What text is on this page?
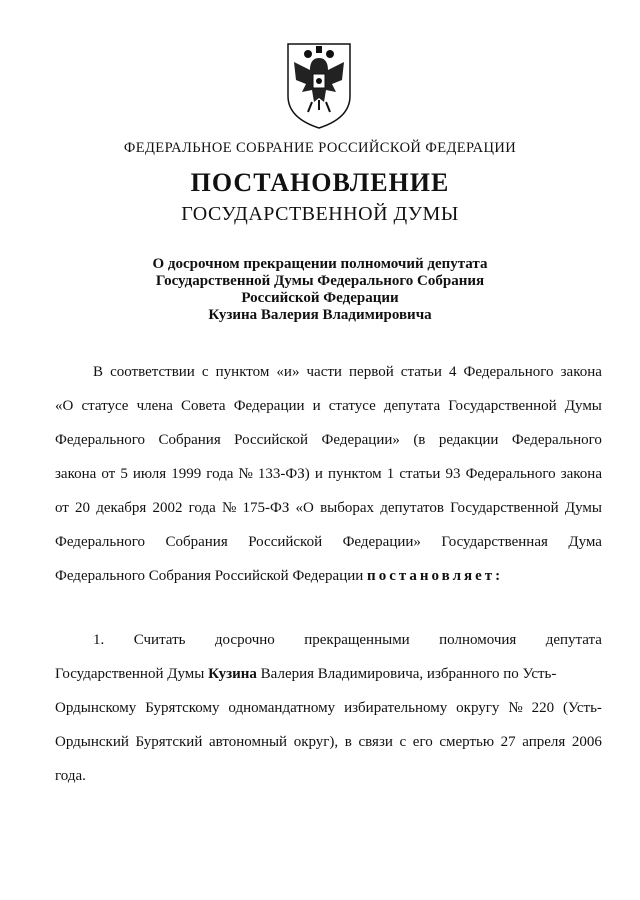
ФЕДЕРАЛЬНОЕ СОБРАНИЕ РОССИЙСКОЙ ФЕДЕРАЦИИ
ПОСТАНОВЛЕНИЕ
ГОСУДАРСТВЕННОЙ ДУМЫ
О досрочном прекращении полномочий депутата
Государственной Думы Федерального Собрания
Российской Федерации
Кузина Валерия Владимировича
В соответствии с пунктом «и» части первой статьи 4 Федерального закона
«О статусе члена Совета Федерации и статусе депутата Государственной Думы
Федерального Собрания Российской Федерации» (в редакции Федерального
закона от 5 июля 1999 года № 133-ФЗ) и пунктом 1 статьи 93 Федерального закона
от 20 декабря 2002 года № 175-ФЗ «О выборах депутатов Государственной Думы
Федерального Собрания Российской Федерации» Государственная Дума
Федерального Собрания Российской Федерации
постановляет:
1. Считать досрочно прекращенными полномочия депутата
Государственной Думы
Кузина
Валерия Владимировича, избранного по Усть-
Ордынскому Бурятскому одномандатному избирательному округу № 220 (Усть-
Ордынский Бурятский автономный округ), в связи с его смертью 27 апреля 2006
года.
